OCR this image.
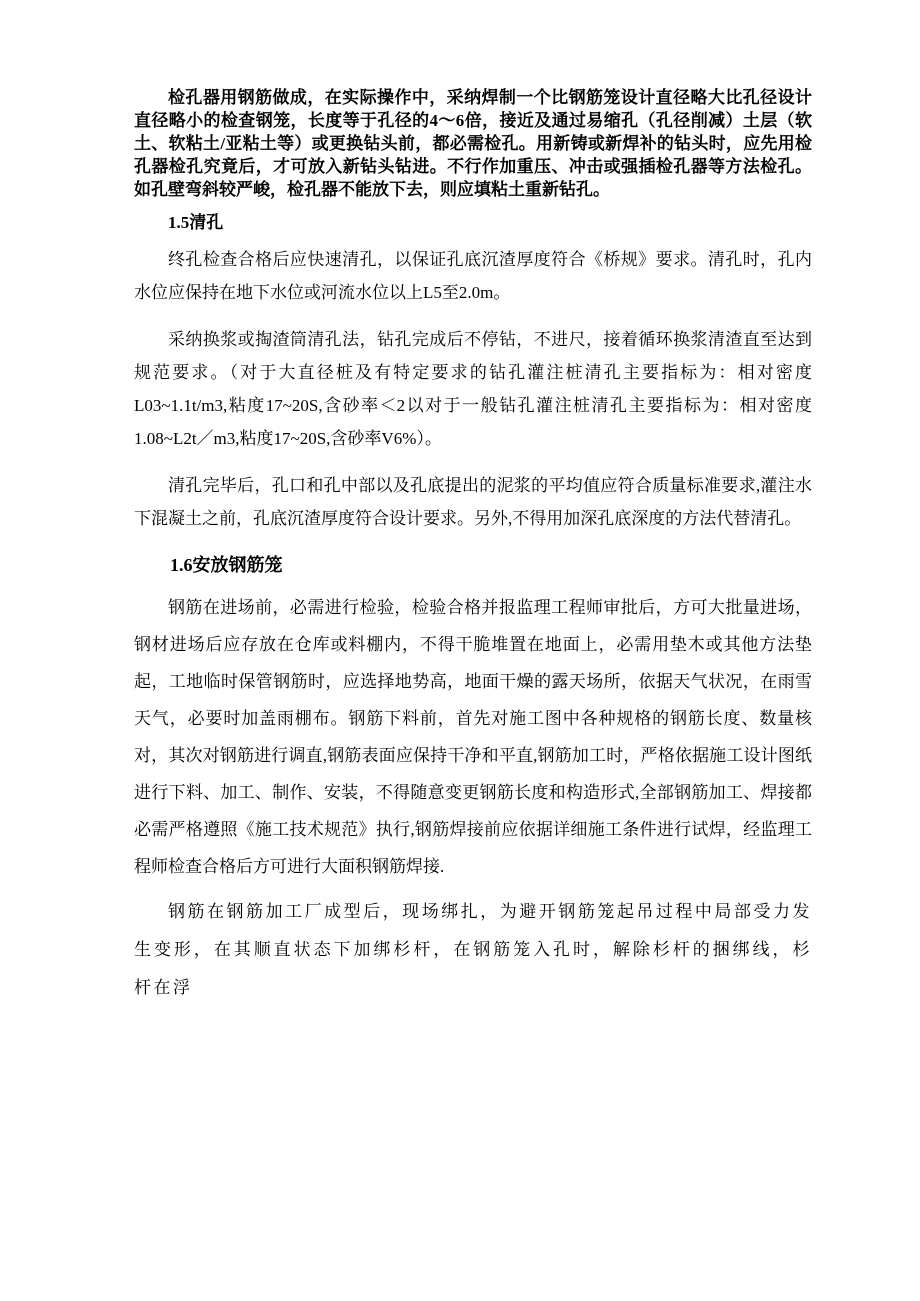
检孔器用钢筋做成，在实际操作中，采纳焊制一个比钢筋笼设计直径略大比孔径设计直径略小的检查钢笼，长度等于孔径的4～6倍，接近及通过易缩孔（孔径削减）土层（软土、软粘土/亚粘土等）或更换钻头前，都必需检孔。用新铸或新焊补的钻头时，应先用检孔器检孔究竟后，才可放入新钻头钻进。不行作加重压、冲击或强插检孔器等方法检孔。如孔壁弯斜较严峻，检孔器不能放下去，则应填粘土重新钻孔。

1.5清孔

终孔检查合格后应快速清孔，以保证孔底沉渣厚度符合《桥规》要求。清孔时，孔内水位应保持在地下水位或河流水位以上L5至2.0m。

采纳换浆或掏渣筒清孔法，钻孔完成后不停钻，不进尺，接着循环换浆清渣直至达到规范要求。（对于大直径桩及有特定要求的钻孔灌注桩清孔主要指标为：相对密度L03~1.1t/m3,粘度17~20S,含砂率＜2以对于一般钻孔灌注桩清孔主要指标为：相对密度1.08~L2t／m3,粘度17~20S,含砂率V6%）。

清孔完毕后，孔口和孔中部以及孔底提出的泥浆的平均值应符合质量标准要求,灌注水下混凝土之前，孔底沉渣厚度符合设计要求。另外,不得用加深孔底深度的方法代替清孔。

1.6安放钢筋笼

钢筋在进场前，必需进行检验，检验合格并报监理工程师审批后，方可大批量进场，钢材进场后应存放在仓库或料棚内，不得干脆堆置在地面上，必需用垫木或其他方法垫起，工地临时保管钢筋时，应选择地势高，地面干燥的露天场所，依据天气状况，在雨雪天气，必要时加盖雨棚布。钢筋下料前，首先对施工图中各种规格的钢筋长度、数量核对，其次对钢筋进行调直,钢筋表面应保持干净和平直,钢筋加工时，严格依据施工设计图纸进行下料、加工、制作、安装，不得随意变更钢筋长度和构造形式,全部钢筋加工、焊接都必需严格遵照《施工技术规范》执行,钢筋焊接前应依据详细施工条件进行试焊，经监理工程师检查合格后方可进行大面积钢筋焊接.

钢筋在钢筋加工厂成型后，现场绑扎，为避开钢筋笼起吊过程中局部受力发生变形，在其顺直状态下加绑杉杆，在钢筋笼入孔时，解除杉杆的捆绑线，杉杆在浮
